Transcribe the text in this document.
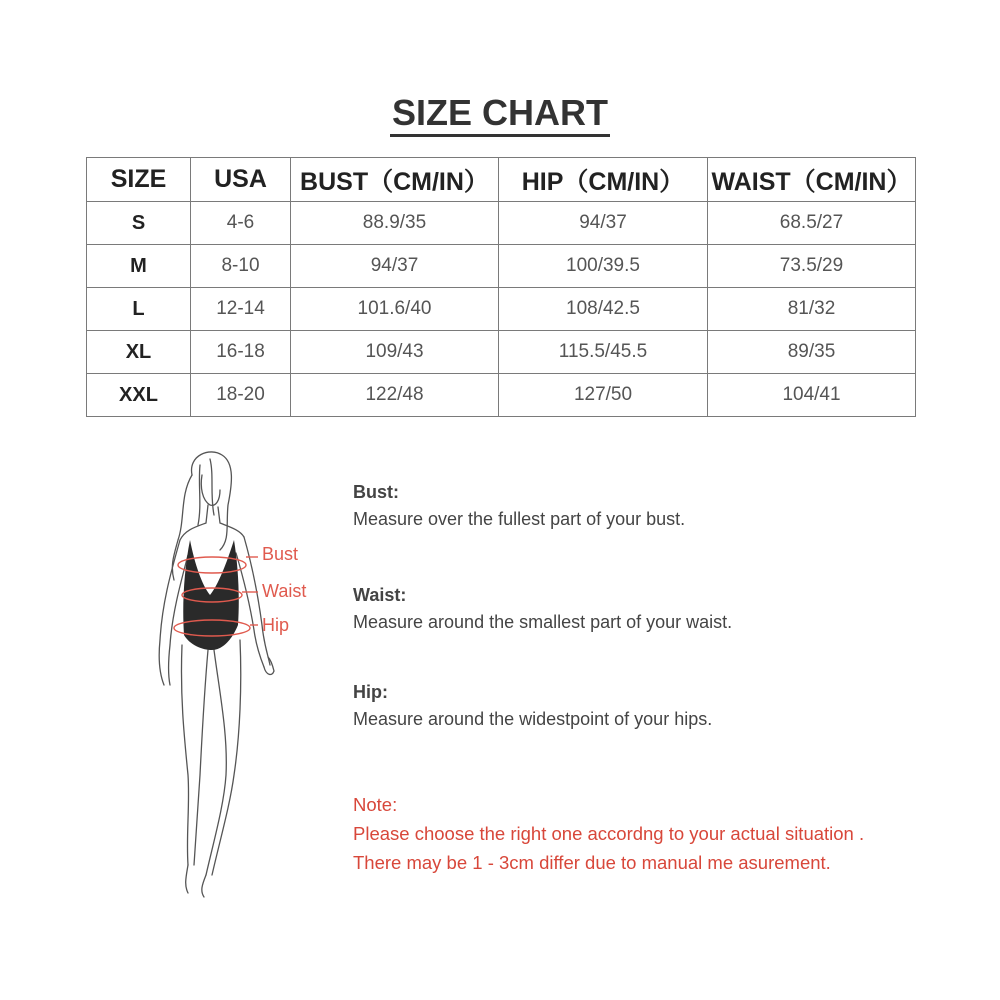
SIZE CHART
SIZE	USA	BUST（CM/IN）	HIP（CM/IN）	WAIST（CM/IN）
S	4-6	88.9/35	94/37	68.5/27
M	8-10	94/37	100/39.5	73.5/29
L	12-14	101.6/40	108/42.5	81/32
XL	16-18	109/43	115.5/45.5	89/35
XXL	18-20	122/48	127/50	104/41
Bust
Waist
Hip
Bust:
Measure over the fullest part of your bust.
Waist:
Measure around the smallest part of your waist.
Hip:
Measure around the widestpoint of your hips.
Note:
Please choose the right one accordng to your actual situation .
There may be 1 - 3cm differ due to manual me asurement.
